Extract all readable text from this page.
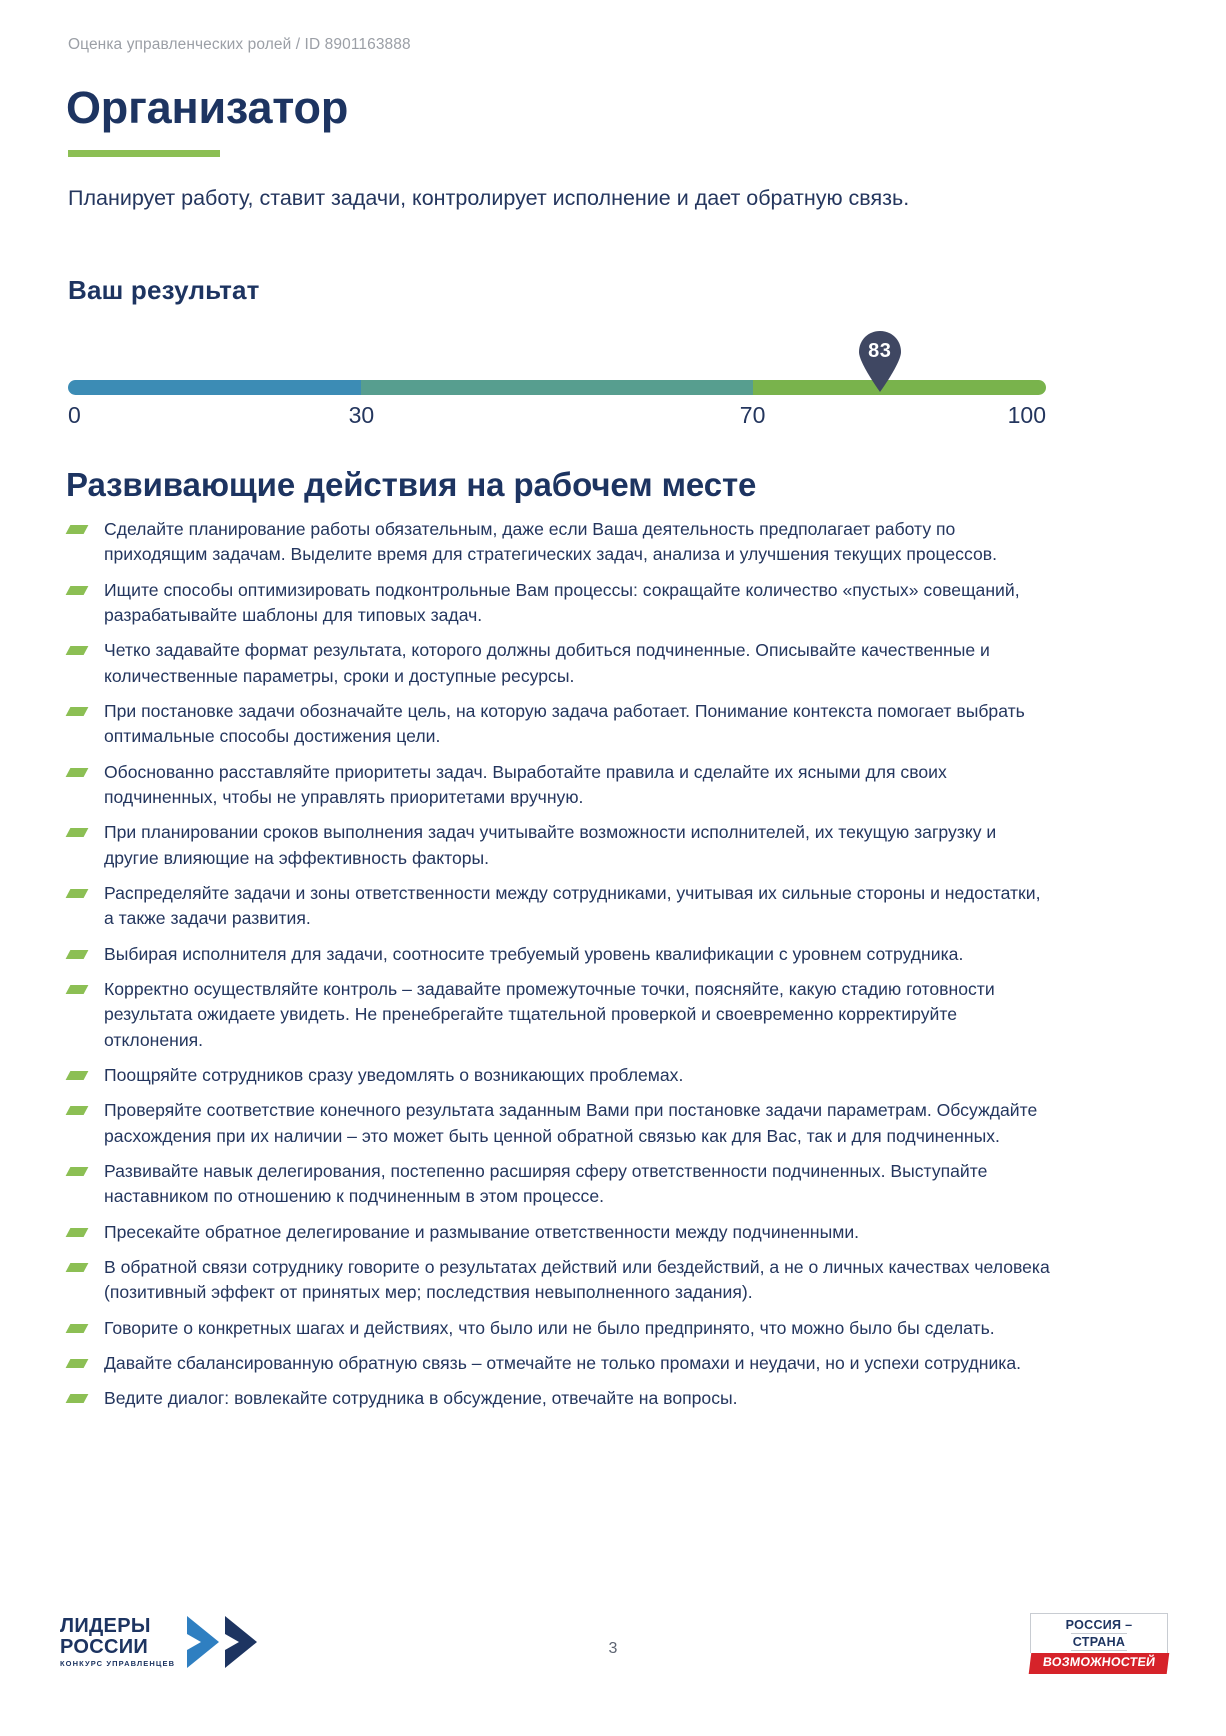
Оценка управленческих ролей / ID 8901163888
Организатор
Планирует работу, ставит задачи, контролирует исполнение и дает обратную связь.
Ваш результат
83
0	30	70	100
Развивающие действия на рабочем месте
Сделайте планирование работы обязательным, даже если Ваша деятельность предполагает работу по приходящим задачам. Выделите время для стратегических задач, анализа и улучшения текущих процессов.
Ищите способы оптимизировать подконтрольные Вам процессы: сокращайте количество «пустых» совещаний, разрабатывайте шаблоны для типовых задач.
Четко задавайте формат результата, которого должны добиться подчиненные. Описывайте качественные и количественные параметры, сроки и доступные ресурсы.
При постановке задачи обозначайте цель, на которую задача работает. Понимание контекста помогает выбрать оптимальные способы достижения цели.
Обоснованно расставляйте приоритеты задач. Выработайте правила и сделайте их ясными для своих подчиненных, чтобы не управлять приоритетами вручную.
При планировании сроков выполнения задач учитывайте возможности исполнителей, их текущую загрузку и другие влияющие на эффективность факторы.
Распределяйте задачи и зоны ответственности между сотрудниками, учитывая их сильные стороны и недостатки, а также задачи развития.
Выбирая исполнителя для задачи, соотносите требуемый уровень квалификации с уровнем сотрудника.
Корректно осуществляйте контроль – задавайте промежуточные точки, поясняйте, какую стадию готовности результата ожидаете увидеть. Не пренебрегайте тщательной проверкой и своевременно корректируйте отклонения.
Поощряйте сотрудников сразу уведомлять о возникающих проблемах.
Проверяйте соответствие конечного результата заданным Вами при постановке задачи параметрам. Обсуждайте расхождения при их наличии – это может быть ценной обратной связью как для Вас, так и для подчиненных.
Развивайте навык делегирования, постепенно расширяя сферу ответственности подчиненных. Выступайте наставником по отношению к подчиненным в этом процессе.
Пресекайте обратное делегирование и размывание ответственности между подчиненными.
В обратной связи сотруднику говорите о результатах действий или бездействий, а не о личных качествах человека (позитивный эффект от принятых мер; последствия невыполненного задания).
Говорите о конкретных шагах и действиях, что было или не было предпринято, что можно было бы сделать.
Давайте сбалансированную обратную связь – отмечайте не только промахи и неудачи, но и успехи сотрудника.
Ведите диалог: вовлекайте сотрудника в обсуждение, отвечайте на вопросы.
ЛИДЕРЫ
РОССИИ
КОНКУРС УПРАВЛЕНЦЕВ
3
РОССИЯ –
СТРАНА
ВОЗМОЖНОСТЕЙ
